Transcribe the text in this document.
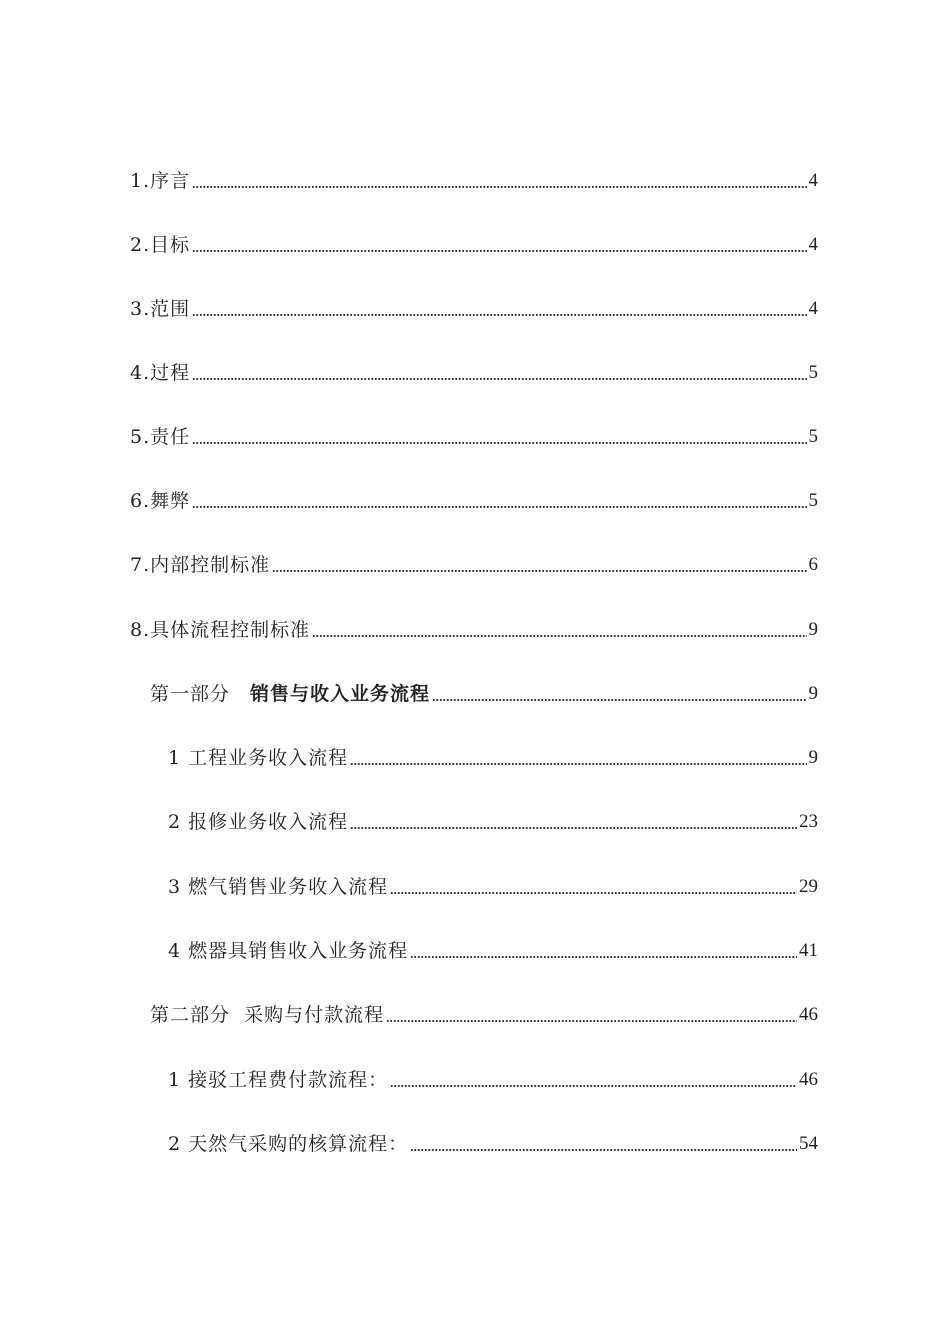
1.序言	4
2.目标	4
3.范围	4
4.过程	5
5.责任	5
6.舞弊	5
7.内部控制标准	6
8.具体流程控制标准	9
第一部分 销售与收入业务流程	9
1 工程业务收入流程	9
2 报修业务收入流程	23
3 燃气销售业务收入流程	29
4 燃器具销售收入业务流程	41
第二部分  采购与付款流程	46
1 接驳工程费付款流程：	46
2 天然气采购的核算流程：	54
